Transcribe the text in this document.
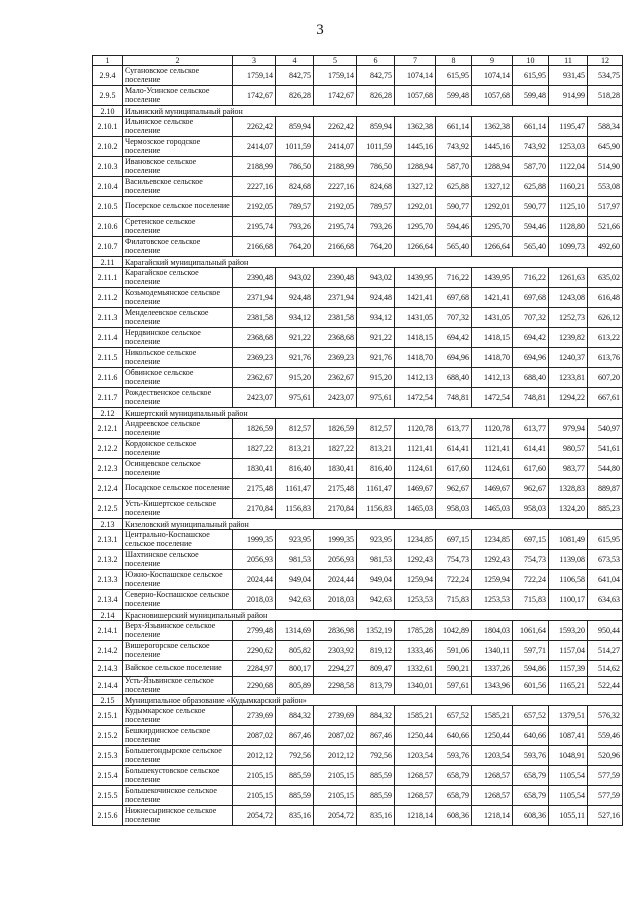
3
1	2	3	4	5	6	7	8	9	10	11	12
2.9.4	Сугановское сельское поселение	1759,14	842,75	1759,14	842,75	1074,14	615,95	1074,14	615,95	931,45	534,75
2.9.5	Мало-Усинское сельское поселение	1742,67	826,28	1742,67	826,28	1057,68	599,48	1057,68	599,48	914,99	518,28
2.10	Ильинский муниципальный район										
2.10.1	Ильинское сельское поселение	2262,42	859,94	2262,42	859,94	1362,38	661,14	1362,38	661,14	1195,47	588,34
2.10.2	Чермозское городское поселение	2414,07	1011,59	2414,07	1011,59	1445,16	743,92	1445,16	743,92	1253,03	645,90
2.10.3	Ивановское сельское поселение	2188,99	786,50	2188,99	786,50	1288,94	587,70	1288,94	587,70	1122,04	514,90
2.10.4	Васильевское сельское поселение	2227,16	824,68	2227,16	824,68	1327,12	625,88	1327,12	625,88	1160,21	553,08
2.10.5	Посерское сельское поселение	2192,05	789,57	2192,05	789,57	1292,01	590,77	1292,01	590,77	1125,10	517,97
2.10.6	Сретенское сельское поселение	2195,74	793,26	2195,74	793,26	1295,70	594,46	1295,70	594,46	1128,80	521,66
2.10.7	Филатовское сельское поселение	2166,68	764,20	2166,68	764,20	1266,64	565,40	1266,64	565,40	1099,73	492,60
2.11	Карагайский муниципальный район										
2.11.1	Карагайское сельское поселение	2390,48	943,02	2390,48	943,02	1439,95	716,22	1439,95	716,22	1261,63	635,02
2.11.2	Козьмодемьянское сельское поселение	2371,94	924,48	2371,94	924,48	1421,41	697,68	1421,41	697,68	1243,08	616,48
2.11.3	Менделеевское сельское поселение	2381,58	934,12	2381,58	934,12	1431,05	707,32	1431,05	707,32	1252,73	626,12
2.11.4	Нердвинское сельское поселение	2368,68	921,22	2368,68	921,22	1418,15	694,42	1418,15	694,42	1239,82	613,22
2.11.5	Никольское сельское поселение	2369,23	921,76	2369,23	921,76	1418,70	694,96	1418,70	694,96	1240,37	613,76
2.11.6	Обвинское сельское поселение	2362,67	915,20	2362,67	915,20	1412,13	688,40	1412,13	688,40	1233,81	607,20
2.11.7	Рождественское сельское поселение	2423,07	975,61	2423,07	975,61	1472,54	748,81	1472,54	748,81	1294,22	667,61
2.12	Кишертский муниципальный район										
2.12.1	Андреевское сельское поселение	1826,59	812,57	1826,59	812,57	1120,78	613,77	1120,78	613,77	979,94	540,97
2.12.2	Кордонское сельское поселение	1827,22	813,21	1827,22	813,21	1121,41	614,41	1121,41	614,41	980,57	541,61
2.12.3	Осинцевское сельское поселение	1830,41	816,40	1830,41	816,40	1124,61	617,60	1124,61	617,60	983,77	544,80
2.12.4	Посадское сельское поселение	2175,48	1161,47	2175,48	1161,47	1469,67	962,67	1469,67	962,67	1328,83	889,87
2.12.5	Усть-Кишертское сельское поселение	2170,84	1156,83	2170,84	1156,83	1465,03	958,03	1465,03	958,03	1324,20	885,23
2.13	Кизеловский муниципальный район										
2.13.1	Центрально-Коспашское сельское поселение	1999,35	923,95	1999,35	923,95	1234,85	697,15	1234,85	697,15	1081,49	615,95
2.13.2	Шахтинское сельское поселение	2056,93	981,53	2056,93	981,53	1292,43	754,73	1292,43	754,73	1139,08	673,53
2.13.3	Южно-Коспашское сельское поселение	2024,44	949,04	2024,44	949,04	1259,94	722,24	1259,94	722,24	1106,58	641,04
2.13.4	Северно-Коспашское сельское поселение	2018,03	942,63	2018,03	942,63	1253,53	715,83	1253,53	715,83	1100,17	634,63
2.14	Красновишерский муниципальный район										
2.14.1	Верх-Язьвинское сельское поселение	2799,48	1314,69	2836,98	1352,19	1785,28	1042,89	1804,03	1061,64	1593,20	950,44
2.14.2	Вишерогорское сельское поселение	2290,62	805,82	2303,92	819,12	1333,46	591,06	1340,11	597,71	1157,04	514,27
2.14.3	Вайское сельское поселение	2284,97	800,17	2294,27	809,47	1332,61	590,21	1337,26	594,86	1157,39	514,62
2.14.4	Усть-Язьвинское сельское поселение	2290,68	805,89	2298,58	813,79	1340,01	597,61	1343,96	601,56	1165,21	522,44
2.15	Муниципальное образование «Кудымкарский район»										
2.15.1	Кудымкарское сельское поселение	2739,69	884,32	2739,69	884,32	1585,21	657,52	1585,21	657,52	1379,51	576,32
2.15.2	Бешкирдинское сельское поселение	2087,02	867,46	2087,02	867,46	1250,44	640,66	1250,44	640,66	1087,41	559,46
2.15.3	Большегондырское сельское поселение	2012,12	792,56	2012,12	792,56	1203,54	593,76	1203,54	593,76	1048,91	520,96
2.15.4	Большекустовское сельское поселение	2105,15	885,59	2105,15	885,59	1268,57	658,79	1268,57	658,79	1105,54	577,59
2.15.5	Большекочинское сельское поселение	2105,15	885,59	2105,15	885,59	1268,57	658,79	1268,57	658,79	1105,54	577,59
2.15.6	Нижнесыринское сельское поселение	2054,72	835,16	2054,72	835,16	1218,14	608,36	1218,14	608,36	1055,11	527,16
